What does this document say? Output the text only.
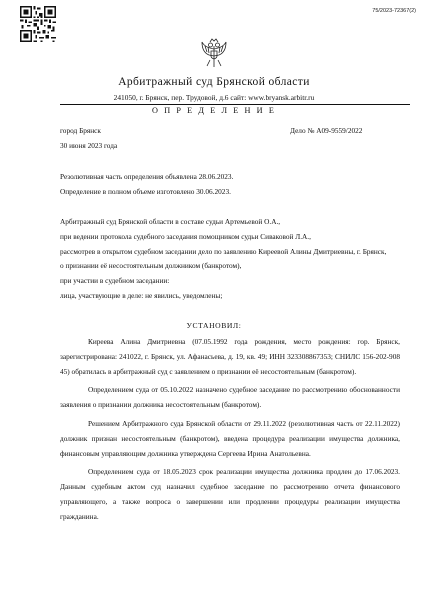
75/2023-72367(2)
Арбитражный суд Брянской области
241050, г. Брянск, пер. Трудовой, д.6 сайт: www.bryansk.arbitr.ru
О П Р Е Д Е Л Е Н И Е
город Брянск	Дело № А09-9559/2022
30 июня 2023 года
Резолютивная часть определения объявлена 28.06.2023.
Определение в полном объеме изготовлено 30.06.2023.

Арбитражный суд Брянской области в составе судьи Артемьевой О.А.,

при ведении протокола судебного заседания помощником судьи Сиваковой Л.А.,

рассмотрев в открытом судебном заседании дело по заявлению Киреевой Алины Дмитриевны, г. Брянск,

о признании её несостоятельным должником (банкротом),

при участии в судебном заседании:

лица, участвующие в деле: не явились, уведомлены;

УСТАНОВИЛ:

Киреева Алина Дмитриевна (07.05.1992 года рождения, место рождения: гор. Брянск, зарегистрирована: 241022, г. Брянск, ул. Афанасьева, д. 19, кв. 49; ИНН 323308867353; СНИЛС 156-202-908 45) обратилась в арбитражный суд с заявлением о признании её несостоятельным (банкротом).

Определением суда от 05.10.2022 назначено судебное заседание по рассмотрению обоснованности заявления о признании должника несостоятельным (банкротом).

Решением Арбитражного суда Брянской области от 29.11.2022 (резолютивная часть от 22.11.2022) должник признан несостоятельным (банкротом), введена процедура реализации имущества должника, финансовым управляющим должника утверждена Сергеева Ирина Анатольевна.

Определением суда от 18.05.2023 срок реализации имущества должника продлен до 17.06.2023. Данным судебным актом суд назначил судебное заседание по рассмотрению отчета финансового управляющего, а также вопроса о завершении или продлении процедуры реализации имущества гражданина.
